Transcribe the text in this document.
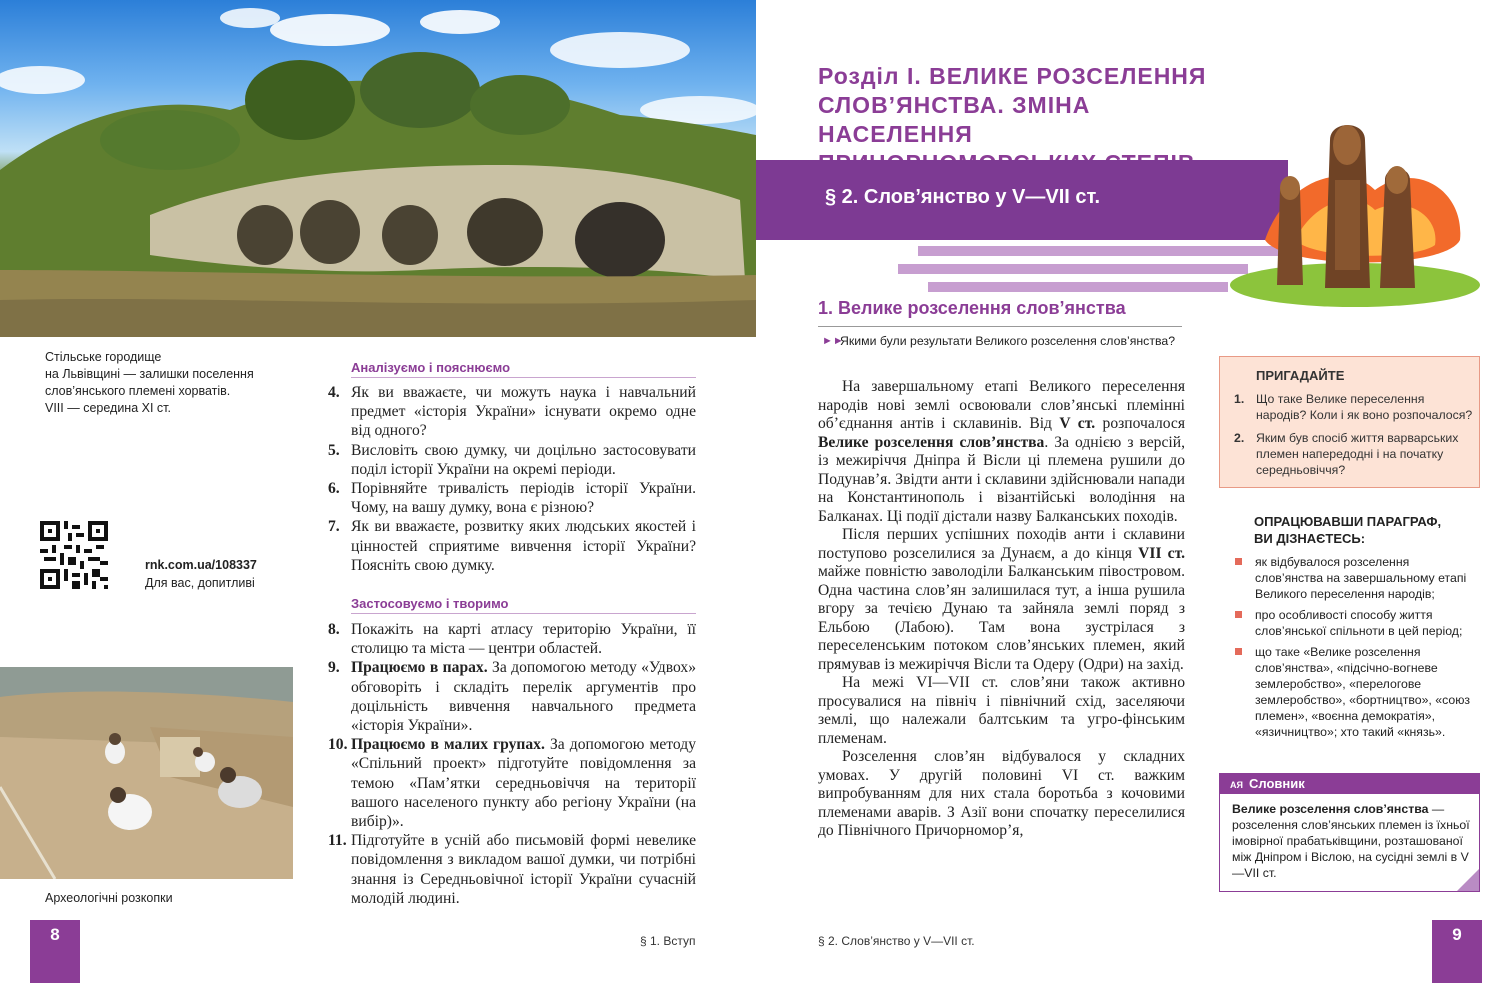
Стільське городище

на Львівщині — залишки поселення

слов’янського племені хорватів.

VIII — середина XI ст.

rnk.com.ua/108337
Для вас, допитливі
Археологічні розкопки
Аналізуємо і пояснюємо
4. Як ви вважаєте, чи можуть наука і навчальний предмет «історія України» існувати окремо одне від одного?
5. Висловіть свою думку, чи доцільно застосовувати поділ історії України на окремі періоди.
6. Порівняйте тривалість періодів історії України. Чому, на вашу думку, вона є різною?
7. Як ви вважаєте, розвитку яких людських якостей і цінностей сприятиме вивчення історії України? Поясніть свою думку.
Застосовуємо і творимо
8. Покажіть на карті атласу територію України, її столицю та міста — центри областей.
9. Працюємо в парах. За допомогою методу «Удвох» обговоріть і складіть перелік аргументів про доцільність вивчення навчального предмета «історія України».
10. Працюємо в малих групах. За допомогою методу «Спільний проект» підготуйте повідомлення за темою «Пам’ятки середньовіччя на території вашого населеного пункту або регіону України (на вибір)».
11. Підготуйте в усній або письмовій формі невелике повідомлення з викладом вашої думки, чи потрібні знання із Середньовічної історії України сучасній молодій людині.
8	§ 1. Вступ
Розділ І. ВЕЛИКЕ РОЗСЕЛЕННЯ
СЛОВ’ЯНСТВА. ЗМІНА НАСЕЛЕННЯ
§ 2. Слов’янство у V—VII ст.
1. Велике розселення слов’янства
►►
Якими були результати Великого розселення слов’янства?

На завершальному етапі Великого переселення народів нові землі освоювали слов’янські племінні об’єднання антів і склавинів. Від V ст. розпочалося Велике розселення слов’янства. За однією з версій, із межиріччя Дніпра й Вісли ці племена рушили до Подунав’я. Звідти анти і склавини здійснювали напади на Константинополь і візантійські володіння на Балканах. Ці події дістали назву Балканських походів.

Після перших успішних походів анти і склавини поступово розселилися за Дунаєм, а до кінця VII ст. майже повністю заволоділи Балканським півостровом. Одна частина слов’ян залишилася тут, а інша рушила вгору за течією Дунаю та зайняла землі поряд з Ельбою (Лабою). Там вона зустрілася з переселенським потоком слов’янських племен, який прямував із межиріччя Вісли та Одеру (Одри) на захід.

На межі VI—VII ст. слов’яни також активно просувалися на північ і північний схід, заселяючи землі, що належали балтським та угро-фінським племенам.

Розселення слов’ян відбувалося у складних умовах. У другій половині VI ст. важким випробуванням для них стала боротьба з кочовими племенами аварів. З Азії вони спочатку переселилися до Північного Причорномор’я,

ПРИГАДАЙТЕ
1. Що таке Велике переселення народів? Коли і як воно розпочалося?
2. Яким був спосіб життя варварських племен напередодні і на початку середньовіччя?
ОПРАЦЮВАВШИ ПАРАГРАФ,
ВИ ДІЗНАЄТЕСЬ:
як відбувалося розселення слов’янства на завершальному етапі Великого переселення народів;
про особливості способу життя слов’янської спільноти в цей період;
що таке «Велике розселення слов’янства», «підсічно-вогневе землеробство», «перелогове землеробство», «бортництво», «союз племен», «воєнна демократія», «язичництво»; хто такий «князь».
АЯ Словник
Велике розселення слов’янства — розселення слов’янських племен із їхньої імовірної прабатьківщини, розташованої між Дніпром і Віслою, на сусідні землі в V—VII ст.
§ 2. Слов’янство у V—VII ст.	9
